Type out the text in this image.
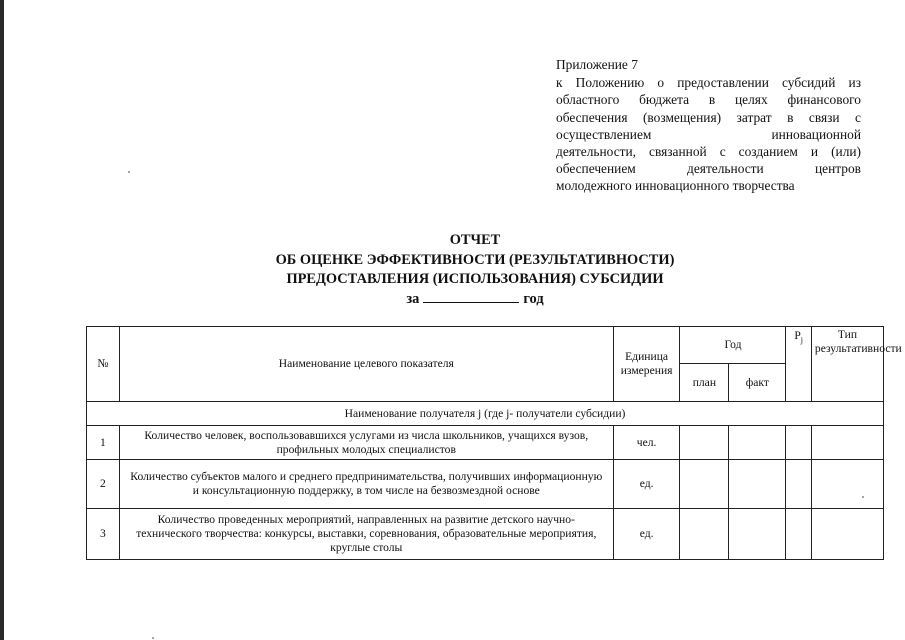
Приложение 7
к Положению о предоставлении субсидий из
областного бюджета в целях финансового
обеспечения (возмещения) затрат в связи с
осуществлением инновационной
деятельности, связанной с созданием и (или)
обеспечением деятельности центров
молодежного инновационного творчества
ОТЧЕТ
ОБ ОЦЕНКЕ ЭФФЕКТИВНОСТИ (РЕЗУЛЬТАТИВНОСТИ)
ПРЕДОСТАВЛЕНИЯ (ИСПОЛЬЗОВАНИЯ) СУБСИДИИ
за	год
№	Наименование целевого показателя	Единица измерения	Год		$P_j$	Тип результативности
			план	факт		
Наименование получателя j (где j- получатели субсидии)						
1	Количество человек, воспользовавшихся услугами из числа школьников, учащихся вузов, профильных молодых специалистов	чел.				
2	Количество субъектов малого и среднего предпринимательства, получивших информационную и консультационную поддержку, в том числе на безвозмездной основе	ед.				
3	Количество проведенных мероприятий, направленных на развитие детского научно-технического творчества: конкурсы, выставки, соревнования, образовательные мероприятия, круглые столы	ед.				
